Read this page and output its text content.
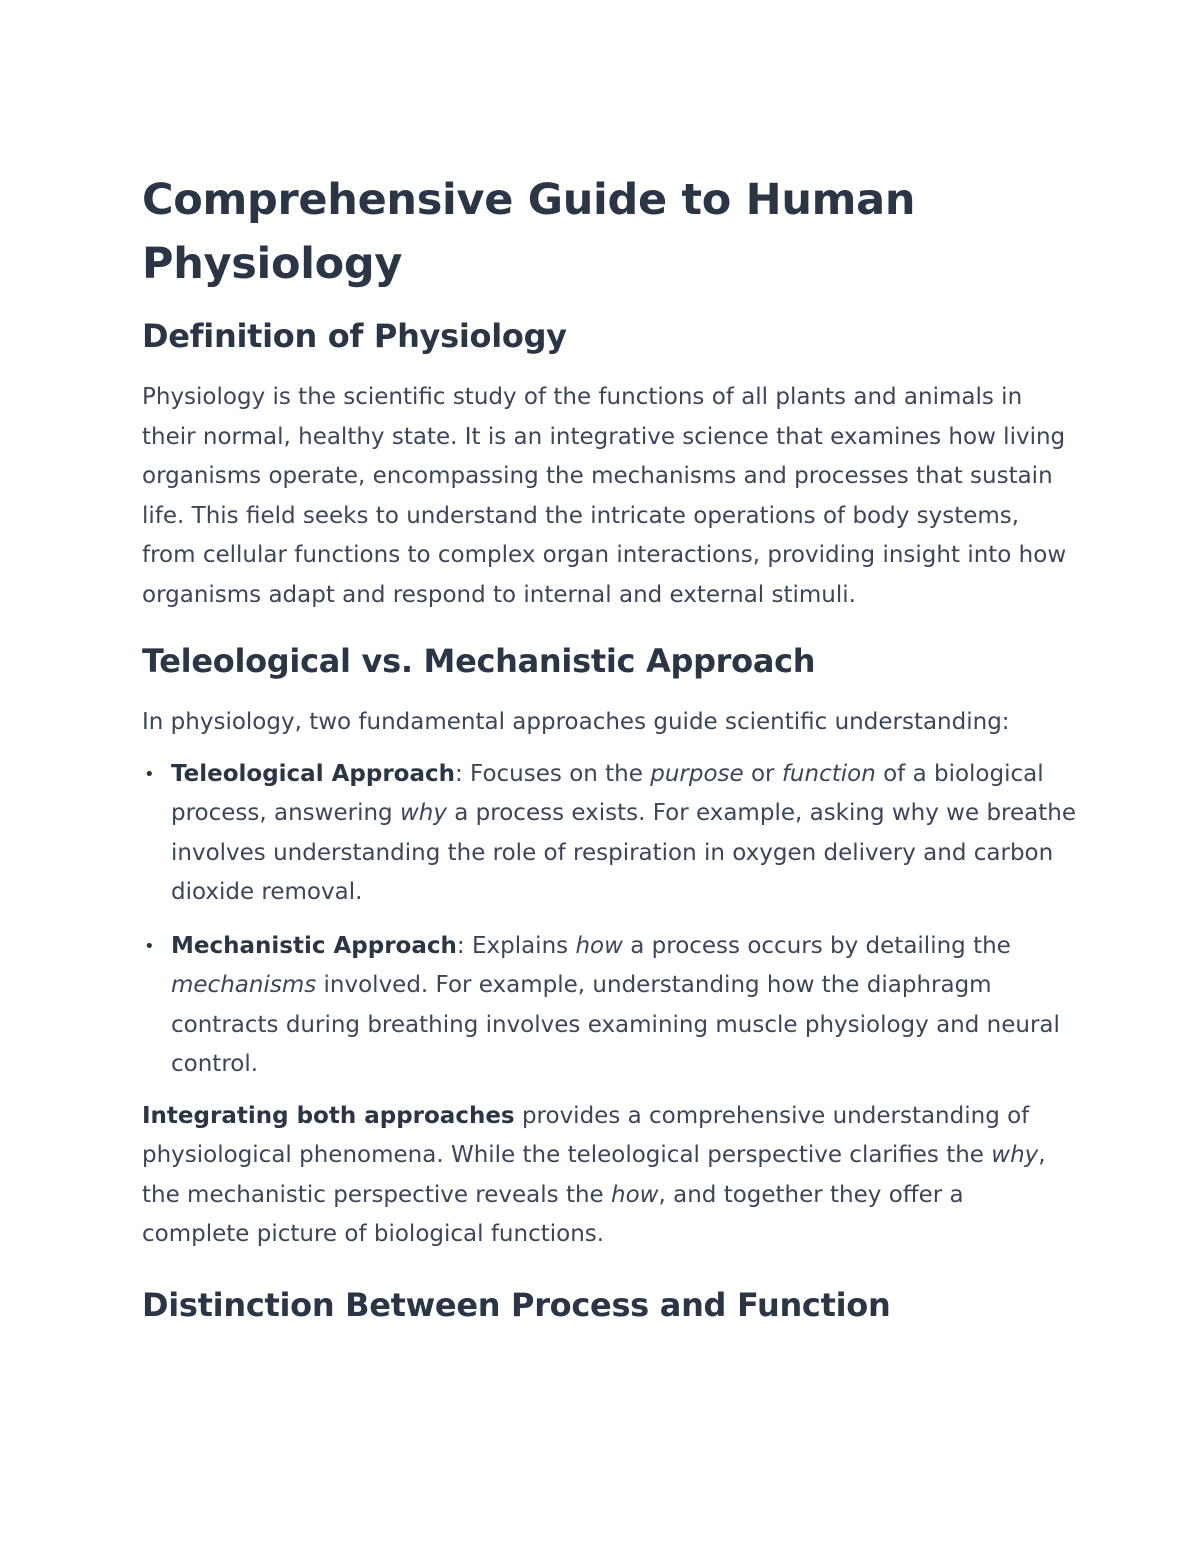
Comprehensive Guide to Human Physiology
Definition of Physiology

Physiology is the scientific study of the functions of all plants and animals in their normal, healthy state. It is an integrative science that examines how living organisms operate, encompassing the mechanisms and processes that sustain life. This field seeks to understand the intricate operations of body systems, from cellular functions to complex organ interactions, providing insight into how organisms adapt and respond to internal and external stimuli.

Teleological vs. Mechanistic Approach

In physiology, two fundamental approaches guide scientific understanding:

• Teleological Approach: Focuses on the purpose or function of a biological process, answering why a process exists. For example, asking why we breathe involves understanding the role of respiration in oxygen delivery and carbon dioxide removal.
• Mechanistic Approach: Explains how a process occurs by detailing the mechanisms involved. For example, understanding how the diaphragm contracts during breathing involves examining muscle physiology and neural control.

Integrating both approaches provides a comprehensive understanding of physiological phenomena. While the teleological perspective clarifies the why, the mechanistic perspective reveals the how, and together they offer a complete picture of biological functions.

Distinction Between Process and Function
